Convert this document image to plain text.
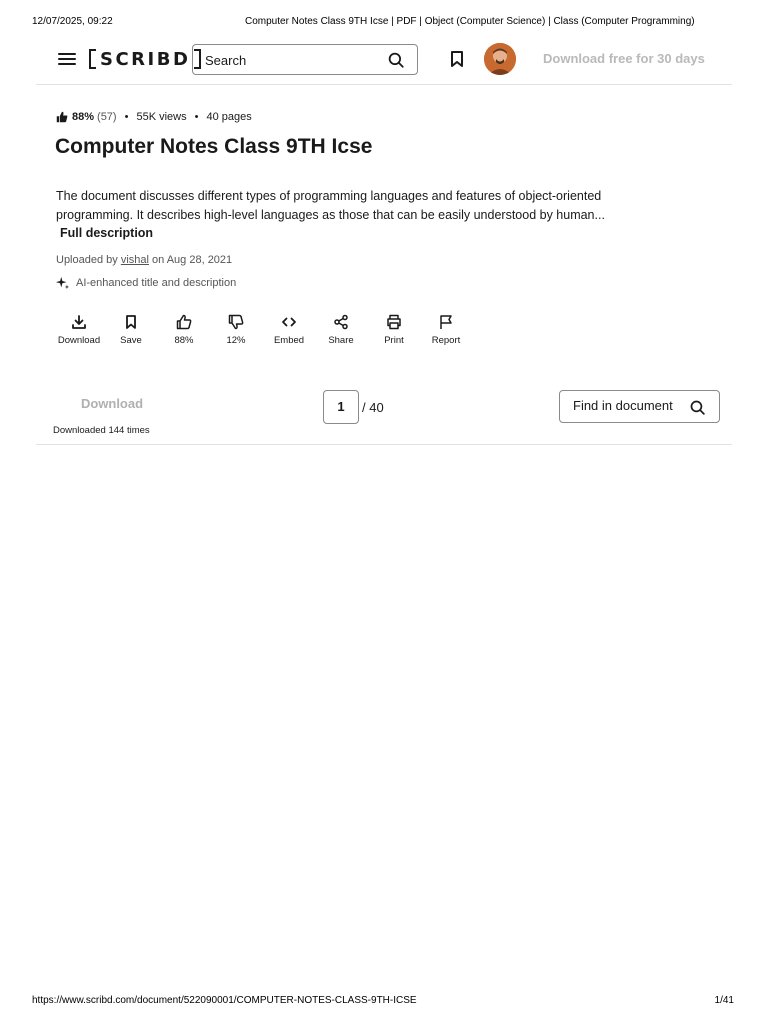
12/07/2025, 09:22	Computer Notes Class 9TH Icse | PDF | Object (Computer Science) | Class (Computer Programming)
SCRIBD
Search	Download free for 30 days
88% (57) • 55K views • 40 pages
Computer Notes Class 9TH Icse

The document discusses different types of programming languages and features of object-oriented programming. It describes high-level languages as those that can be easily understood by human...

Full description
Uploaded by vishal on Aug 28, 2021
AI-enhanced title and description
Download	Save	88%	12%	Embed	Share	Print	Report
Download
Downloaded 144 times
1	/ 40	Find in document
https://www.scribd.com/document/522090001/COMPUTER-NOTES-CLASS-9TH-ICSE	1/41
